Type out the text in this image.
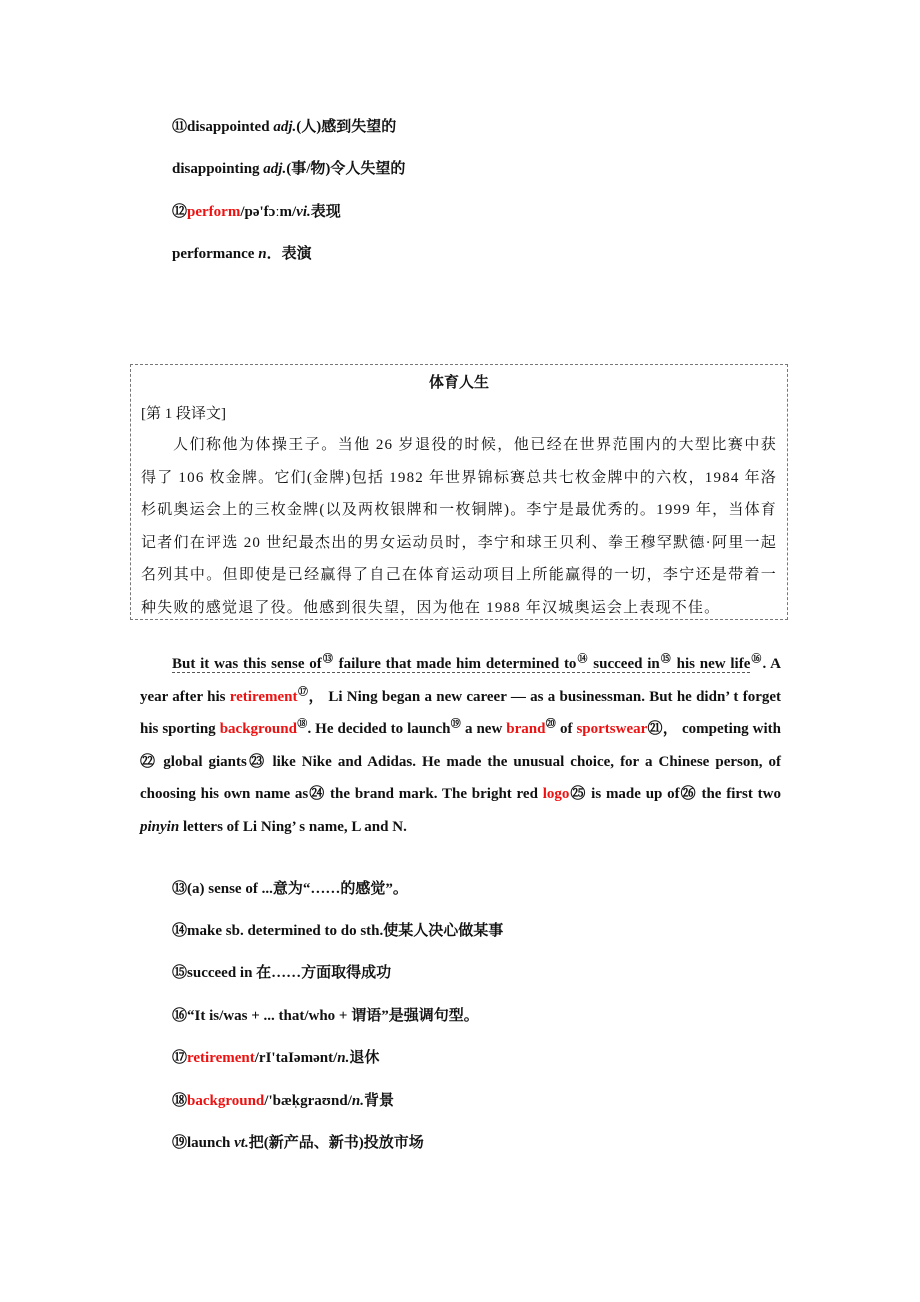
⑪disappointed adj.(人)感到失望的
disappointing adj.(事/物)令人失望的
⑫perform/pə'fɔːm/vi.表现
performance n．表演
体育人生
[第 1 段译文]
人们称他为体操王子。当他 26 岁退役的时候，他已经在世界范围内的大型比赛中获得了 106 枚金牌。它们(金牌)包括 1982 年世界锦标赛总共七枚金牌中的六枚，1984 年洛杉矶奥运会上的三枚金牌(以及两枚银牌和一枚铜牌)。李宁是最优秀的。1999 年，当体育记者们在评选 20 世纪最杰出的男女运动员时，李宁和球王贝利、拳王穆罕默德·阿里一起名列其中。但即使是已经赢得了自己在体育运动项目上所能赢得的一切，李宁还是带着一种失败的感觉退了役。他感到很失望，因为他在 1988 年汉城奥运会上表现不佳。
But it was this sense of⑬ failure that made him determined to⑭ succeed in⑮ his new life⑯. A year after his retirement⑰， Li Ning began a new career — as a businessman. But he didn’ t forget his sporting background⑱. He decided to launch⑲ a new brand⑳ of sportswear㉑， competing with㉒ global giants㉓ like Nike and Adidas. He made the unusual choice, for a Chinese person, of choosing his own name as㉔ the brand mark. The bright red logo㉕ is made up of㉖ the first two pinyin letters of Li Ning’ s name, L and N.
⑬(a) sense of ...意为“……的感觉”。
⑭make sb. determined to do sth.使某人决心做某事
⑮succeed in 在……方面取得成功
⑯“It is/was + ... that/who + 谓语”是强调句型。
⑰retirement/rI'taIəmənt/n.退休
⑱background/'bæk̩graʊnd/n.背景
⑲launch vt.把(新产品、新书)投放市场
